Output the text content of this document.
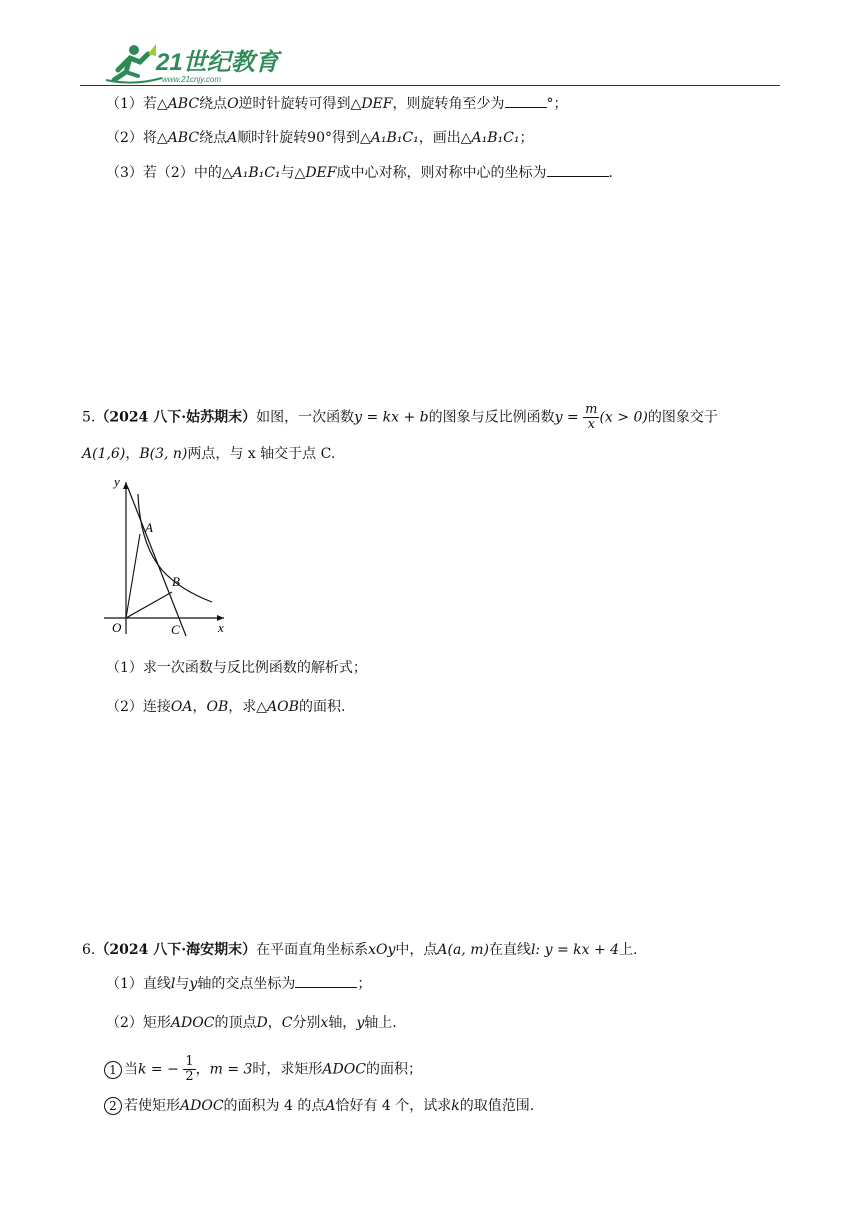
21世纪教育
www.21cnjy.com
（1）若△ABC绕点O逆时针旋转可得到△DEF，则旋转角至少为	°；
（2）将△ABC绕点A顺时针旋转90°得到△A₁B₁C₁，画出△A₁B₁C₁；
（3）若（2）中的△A₁B₁C₁与△DEF成中心对称，则对称中心的坐标为	.
5.（2024 八下·姑苏期末）如图，一次函数y = kx + b的图象与反比例函数$y = \frac{m}{x} (x > 0)$的图象交于
A(1,6)，B(3, n)两点，与 x 轴交于点 C.
y
x
O
A
B
C
（1）求一次函数与反比例函数的解析式；
（2）连接OA，OB，求△AOB的面积.
6.（2024 八下·海安期末）在平面直角坐标系xOy中，点A(a, m)在直线l: y = kx + 4上.
（1）直线l与y轴的交点坐标为	；
（2）矩形ADOC的顶点D，C分别x轴，y轴上.
1 当k = − $\frac{1}{2}$ ，m = 3时，求矩形ADOC的面积；
2 若使矩形ADOC的面积为 4 的点A恰好有 4 个，试求k的取值范围.
